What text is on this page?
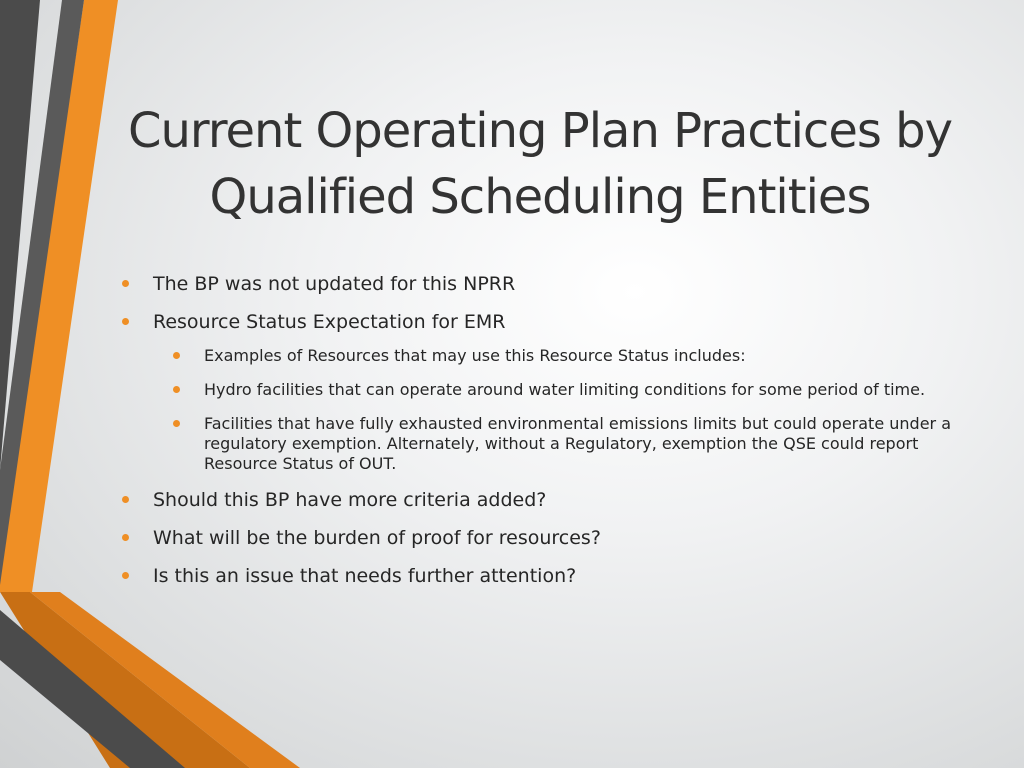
Current Operating Plan Practices by
Qualified Scheduling Entities
The BP was not updated for this NPRR
Resource Status Expectation for EMR
Examples of Resources that may use this Resource Status includes:
Hydro facilities that can operate around water limiting conditions for some period of time.
Facilities that have fully exhausted environmental emissions limits but could operate under a regulatory exemption. Alternately, without a Regulatory, exemption the QSE could report Resource Status of OUT.
Should this BP have more criteria added?
What will be the burden of proof for resources?
Is this an issue that needs further attention?
